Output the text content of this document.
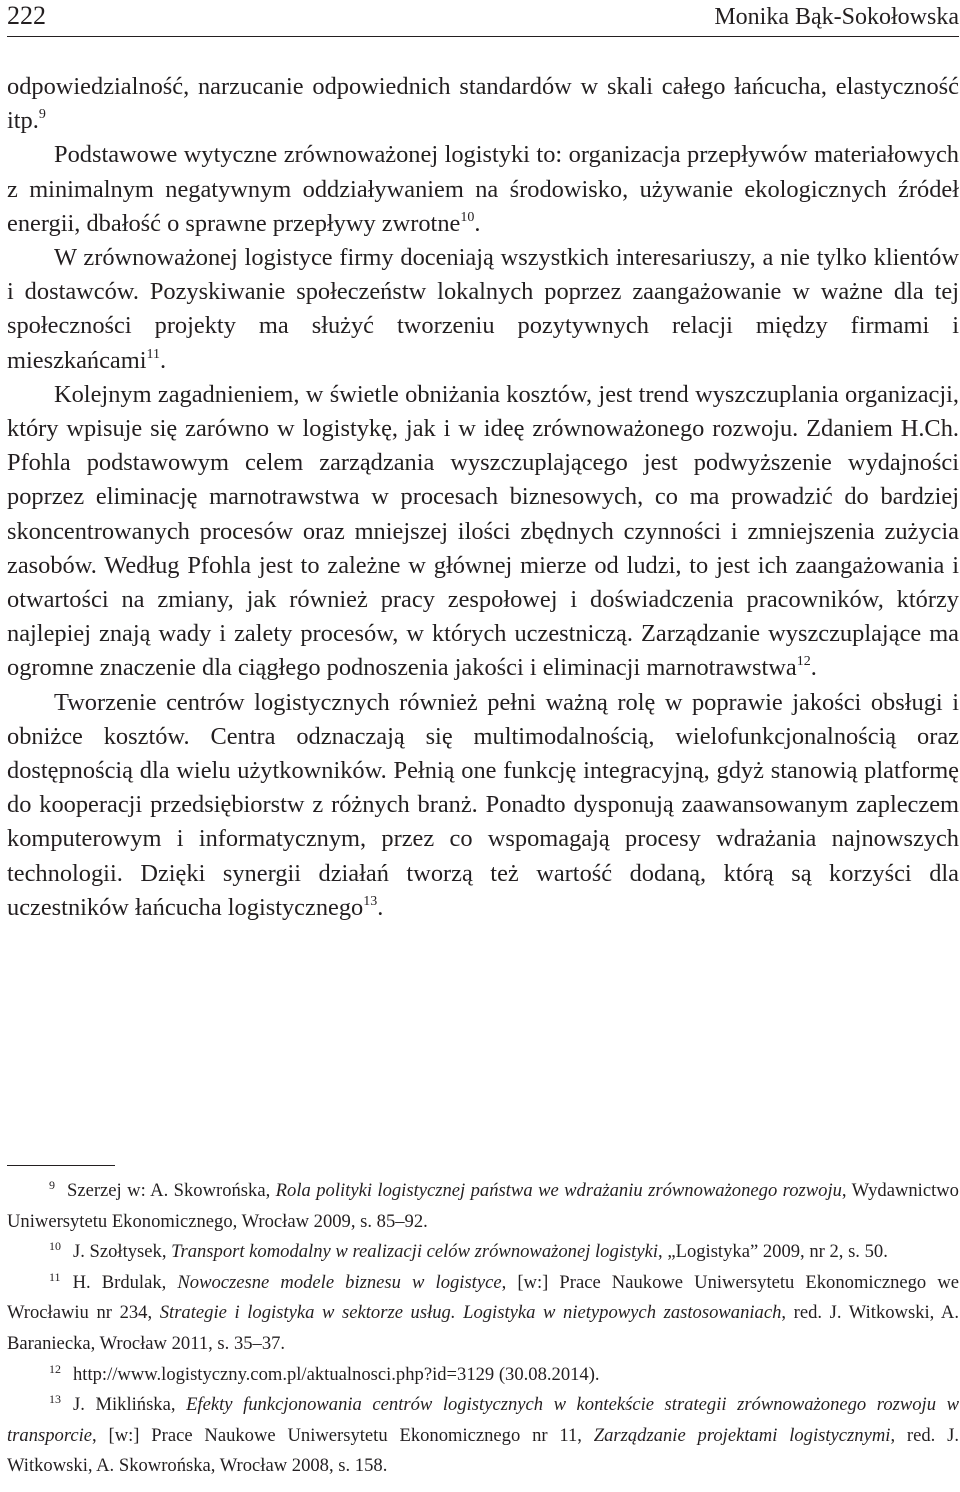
222	Monika Bąk-Sokołowska

odpowiedzialność, narzucanie odpowiednich standardów w skali całego łańcucha, elastyczność itp.$^9$

Podstawowe wytyczne zrównoważonej logistyki to: organizacja przepływów materiałowych z minimalnym negatywnym oddziaływaniem na środowisko, używanie ekologicznych źródeł energii, dbałość o sprawne przepływy zwrotne$^{10}$.

W zrównoważonej logistyce firmy doceniają wszystkich interesariuszy, a nie tylko klientów i dostawców. Pozyskiwanie społeczeństw lokalnych poprzez zaangażowanie w ważne dla tej społeczności projekty ma służyć tworzeniu pozytywnych relacji między firmami i mieszkańcami$^{11}$.

Kolejnym zagadnieniem, w świetle obniżania kosztów, jest trend wyszczuplania organizacji, który wpisuje się zarówno w logistykę, jak i w ideę zrównoważonego rozwoju. Zdaniem H.Ch. Pfohla podstawowym celem zarządzania wyszczuplającego jest podwyższenie wydajności poprzez eliminację marnotrawstwa w procesach biznesowych, co ma prowadzić do bardziej skoncentrowanych procesów oraz mniejszej ilości zbędnych czynności i zmniejszenia zużycia zasobów. Według Pfohla jest to zależne w głównej mierze od ludzi, to jest ich zaangażowania i otwartości na zmiany, jak również pracy zespołowej i doświadczenia pracowników, którzy najlepiej znają wady i zalety procesów, w których uczestniczą. Zarządzanie wyszczuplające ma ogromne znaczenie dla ciągłego podnoszenia jakości i eliminacji marnotrawstwa$^{12}$.

Tworzenie centrów logistycznych również pełni ważną rolę w poprawie jakości obsługi i obniżce kosztów. Centra odznaczają się multimodalnością, wielofunkcjonalnością oraz dostępnością dla wielu użytkowników. Pełnią one funkcję integracyjną, gdyż stanowią platformę do kooperacji przedsiębiorstw z różnych branż. Ponadto dysponują zaawansowanym zapleczem komputerowym i informatycznym, przez co wspomagają procesy wdrażania najnowszych technologii. Dzięki synergii działań tworzą też wartość dodaną, którą są korzyści dla uczestników łańcucha logistycznego$^{13}$.

$^9$ Szerzej w: A. Skowrońska, Rola polityki logistycznej państwa we wdrażaniu zrównoważonego rozwoju, Wydawnictwo Uniwersytetu Ekonomicznego, Wrocław 2009, s. 85–92.

$^{10}$ J. Szołtysek, Transport komodalny w realizacji celów zrównoważonej logistyki, „Logistyka” 2009, nr 2, s. 50.

$^{11}$ H. Brdulak, Nowoczesne modele biznesu w logistyce, [w:] Prace Naukowe Uniwersytetu Ekonomicznego we Wrocławiu nr 234, Strategie i logistyka w sektorze usług. Logistyka w nietypowych zastosowaniach, red. J. Witkowski, A. Baraniecka, Wrocław 2011, s. 35–37.

$^{12}$ http://www.logistyczny.com.pl/aktualnosci.php?id=3129 (30.08.2014).

$^{13}$ J. Miklińska, Efekty funkcjonowania centrów logistycznych w kontekście strategii zrównoważonego rozwoju w transporcie, [w:] Prace Naukowe Uniwersytetu Ekonomicznego nr 11, Zarządzanie projektami logistycznymi, red. J. Witkowski, A. Skowrońska, Wrocław 2008, s. 158.
